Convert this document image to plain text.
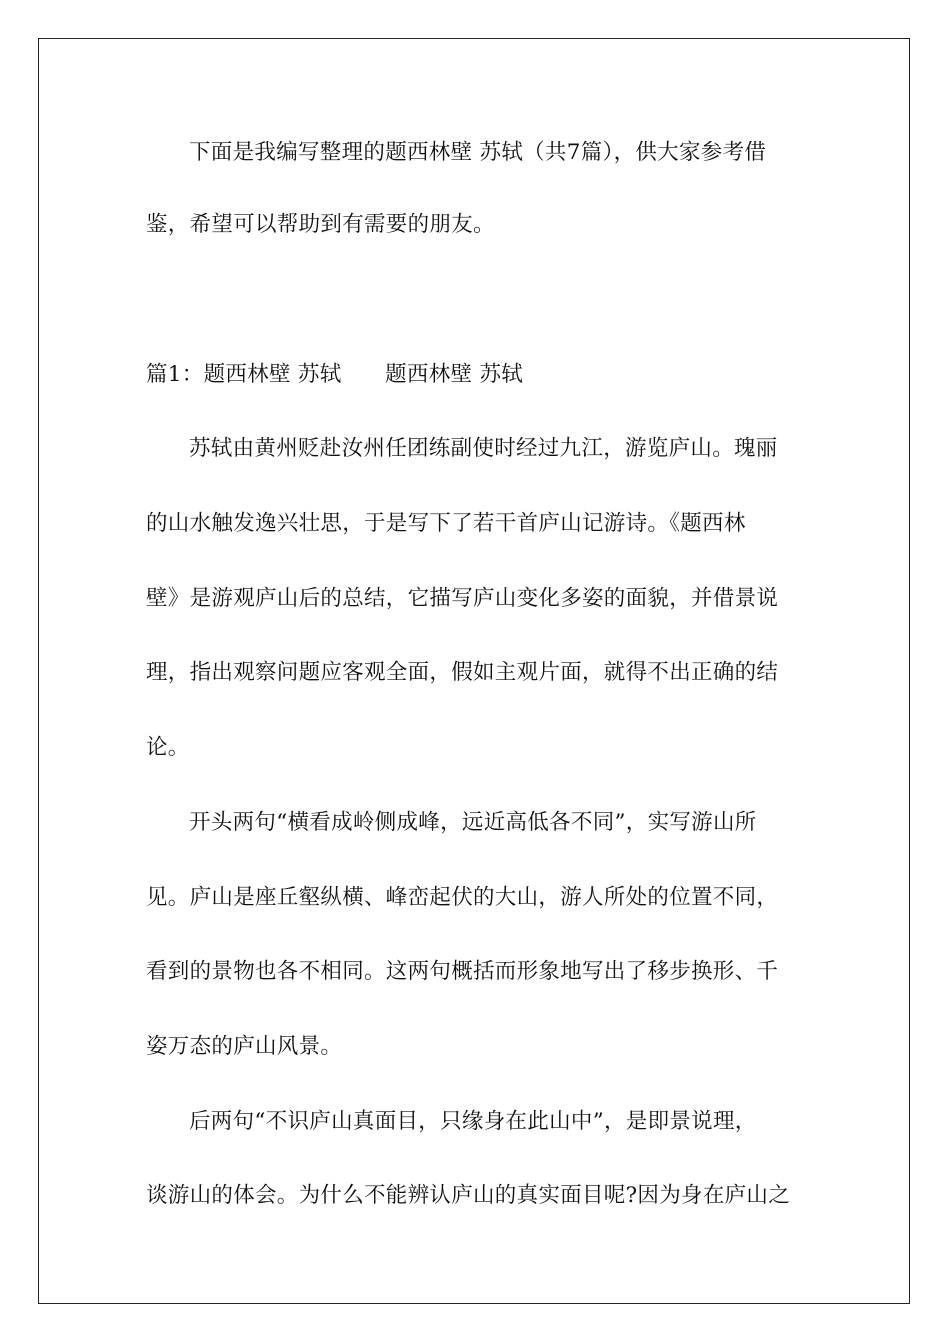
下面是我编写整理的题西林壁 苏轼（共7篇），供大家参考借
鉴，希望可以帮助到有需要的朋友。
篇1：题西林壁 苏轼　　题西林壁 苏轼
苏轼由黄州贬赴汝州任团练副使时经过九江，游览庐山。瑰丽
的山水触发逸兴壮思，于是写下了若干首庐山记游诗。《题西林
壁》是游观庐山后的总结，它描写庐山变化多姿的面貌，并借景说
理，指出观察问题应客观全面，假如主观片面，就得不出正确的结
论。
开头两句“横看成岭侧成峰，远近高低各不同”，实写游山所
见。庐山是座丘壑纵横、峰峦起伏的大山，游人所处的位置不同，
看到的景物也各不相同。这两句概括而形象地写出了移步换形、千
姿万态的庐山风景。
后两句“不识庐山真面目，只缘身在此山中”，是即景说理，
谈游山的体会。为什么不能辨认庐山的真实面目呢?因为身在庐山之
